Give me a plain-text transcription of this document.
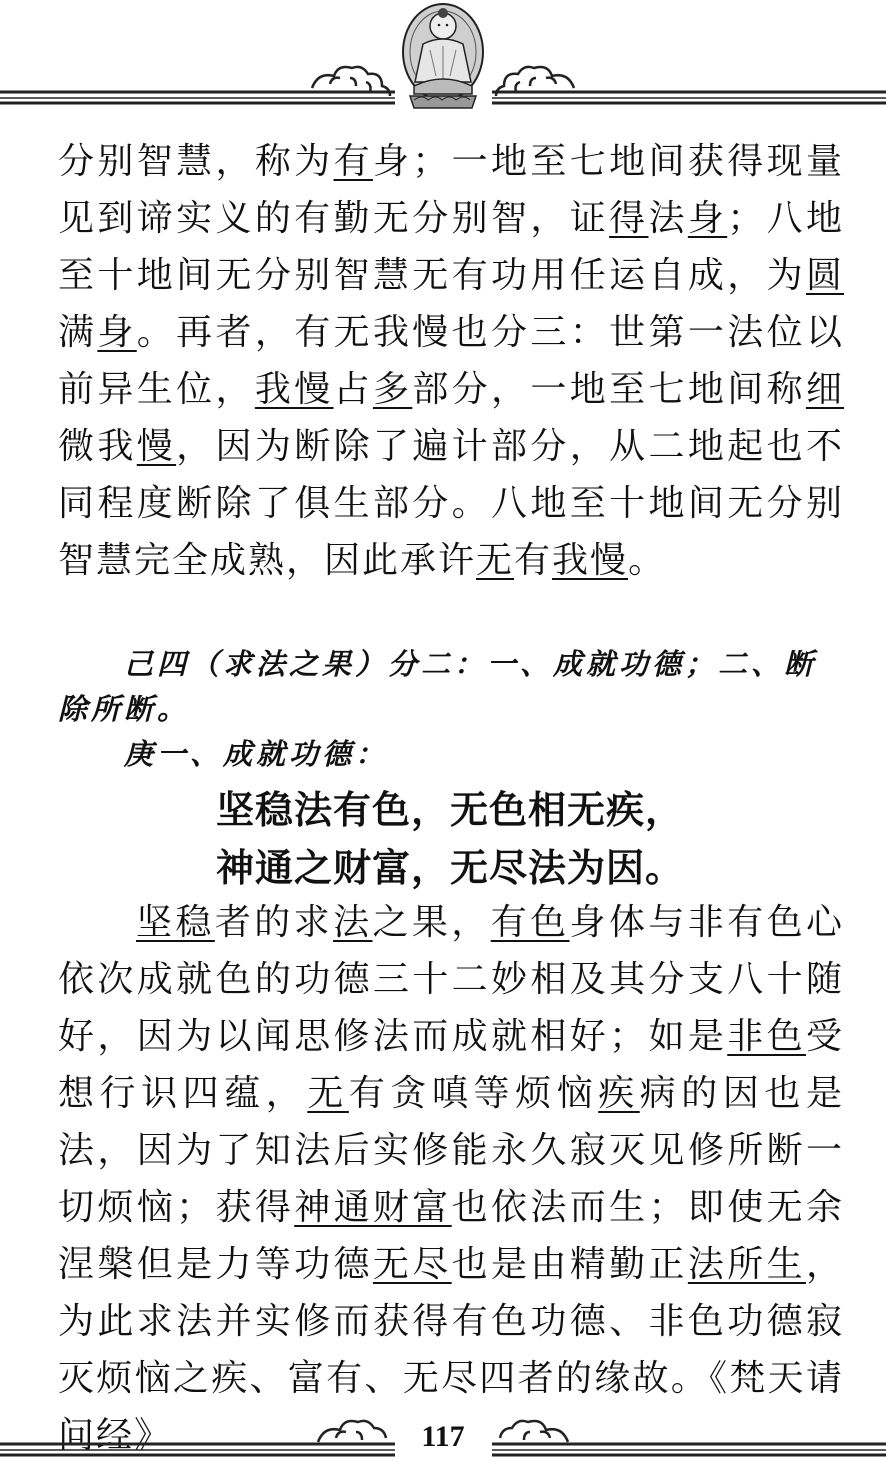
分别智慧，称为有身；一地至七地间获得现量见到谛实义的有勤无分别智，证得法身；八地至十地间无分别智慧无有功用任运自成，为圆满身。再者，有无我慢也分三：世第一法位以前异生位，我慢占多部分，一地至七地间称细微我慢，因为断除了遍计部分，从二地起也不同程度断除了俱生部分。八地至十地间无分别智慧完全成熟，因此承许无有我慢。

己四（求法之果）分二：一、成就功德；二、断除所断。

庚一、成就功德：

坚稳法有色，无色相无疾，
神通之财富，无尽法为因。

坚稳者的求法之果，有色身体与非有色心依次成就色的功德三十二妙相及其分支八十随好，因为以闻思修法而成就相好；如是非色受想行识四蕴，无有贪嗔等烦恼疾病的因也是法，因为了知法后实修能永久寂灭见修所断一切烦恼；获得神通财富也依法而生；即使无余涅槃但是力等功德无尽也是由精勤正法所生，为此求法并实修而获得有色功德、非色功德寂灭烦恼之疾、富有、无尽四者的缘故。《梵天请问经》	117
